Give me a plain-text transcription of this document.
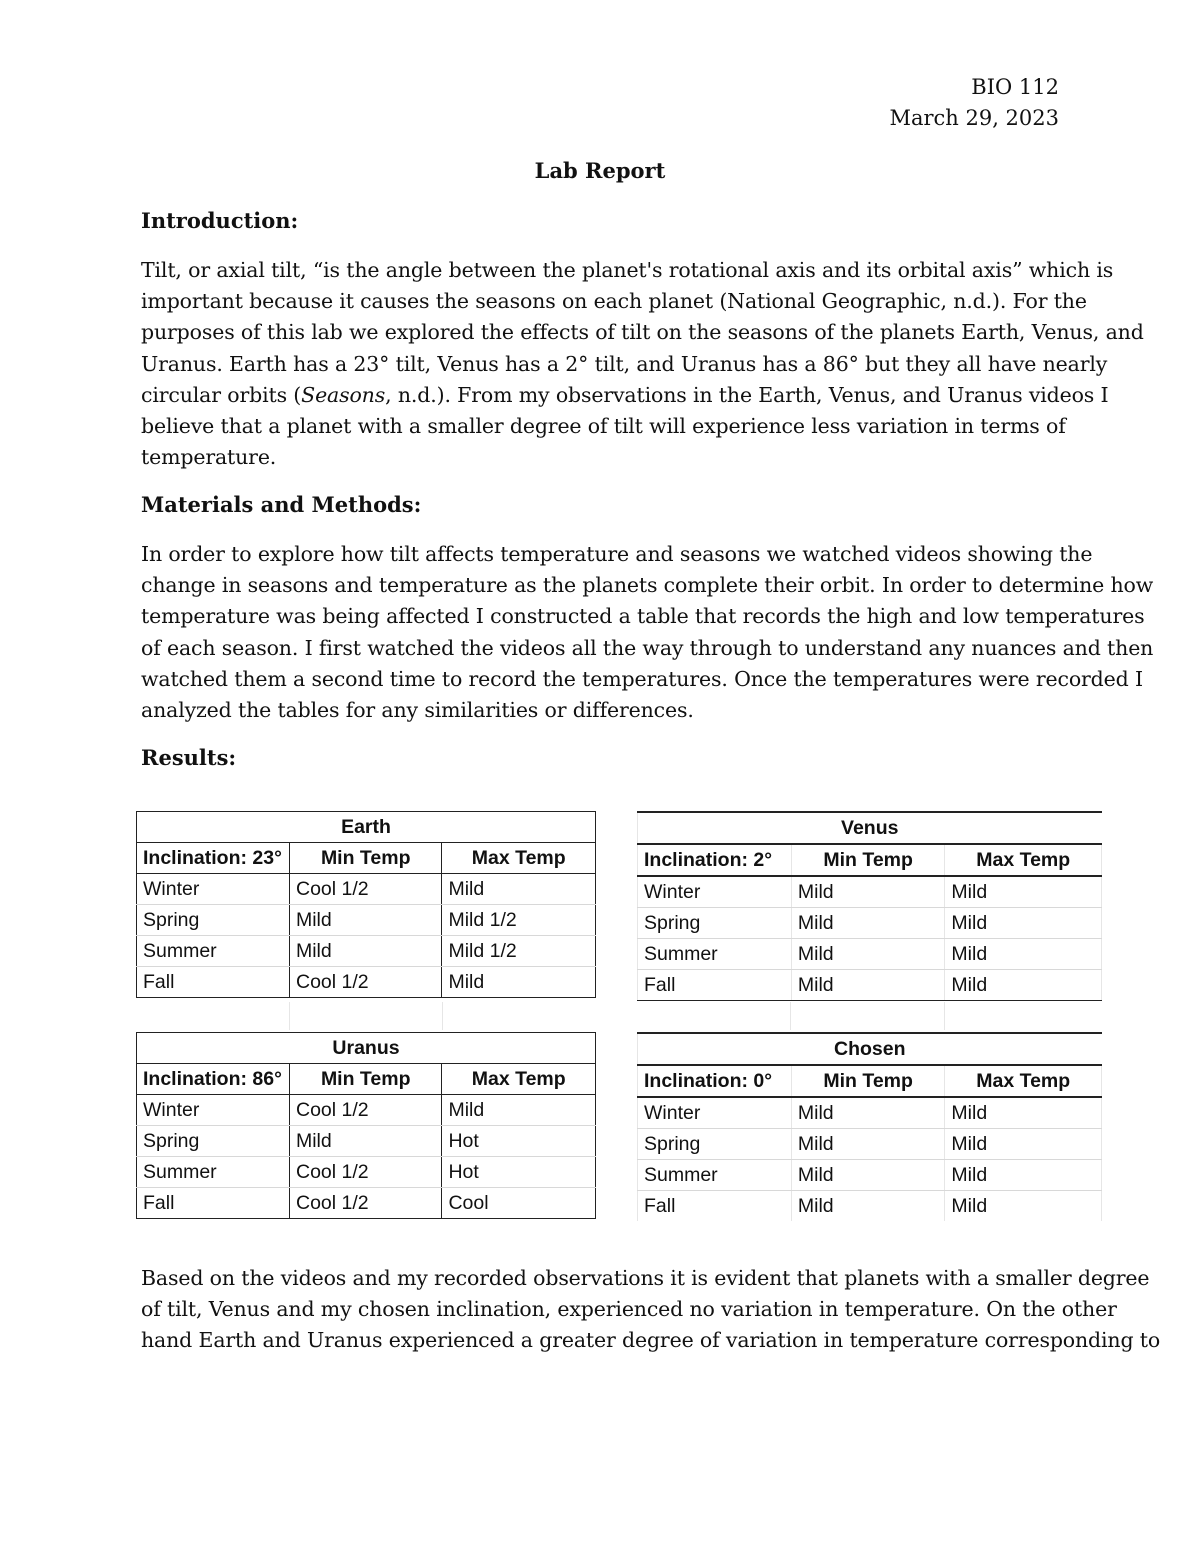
BIO 112
March 29, 2023
Lab Report
Introduction:

Tilt, or axial tilt, “is the angle between the planet's rotational axis and its orbital axis” which is
important because it causes the seasons on each planet (National Geographic, n.d.). For the
purposes of this lab we explored the effects of tilt on the seasons of the planets Earth, Venus, and
Uranus. Earth has a 23° tilt, Venus has a 2° tilt, and Uranus has a 86° but they all have nearly
circular orbits (Seasons, n.d.). From my observations in the Earth, Venus, and Uranus videos I
believe that a planet with a smaller degree of tilt will experience less variation in terms of
temperature.

Materials and Methods:

In order to explore how tilt affects temperature and seasons we watched videos showing the
change in seasons and temperature as the planets complete their orbit. In order to determine how
temperature was being affected I constructed a table that records the high and low temperatures
of each season. I first watched the videos all the way through to understand any nuances and then
watched them a second time to record the temperatures. Once the temperatures were recorded I
analyzed the tables for any similarities or differences.

Results:
Earth		
Inclination: 23°	Min Temp	Max Temp
Winter	Cool 1/2	Mild
Spring	Mild	Mild 1/2
Summer	Mild	Mild 1/2
Fall	Cool 1/2	Mild
Venus		
Inclination: 2°	Min Temp	Max Temp
Winter	Mild	Mild
Spring	Mild	Mild
Summer	Mild	Mild
Fall	Mild	Mild
Uranus		
Inclination: 86°	Min Temp	Max Temp
Winter	Cool 1/2	Mild
Spring	Mild	Hot
Summer	Cool 1/2	Hot
Fall	Cool 1/2	Cool
Chosen		
Inclination: 0°	Min Temp	Max Temp
Winter	Mild	Mild
Spring	Mild	Mild
Summer	Mild	Mild
Fall	Mild	Mild

Based on the videos and my recorded observations it is evident that planets with a smaller degree
of tilt, Venus and my chosen inclination, experienced no variation in temperature. On the other
hand Earth and Uranus experienced a greater degree of variation in temperature corresponding to
